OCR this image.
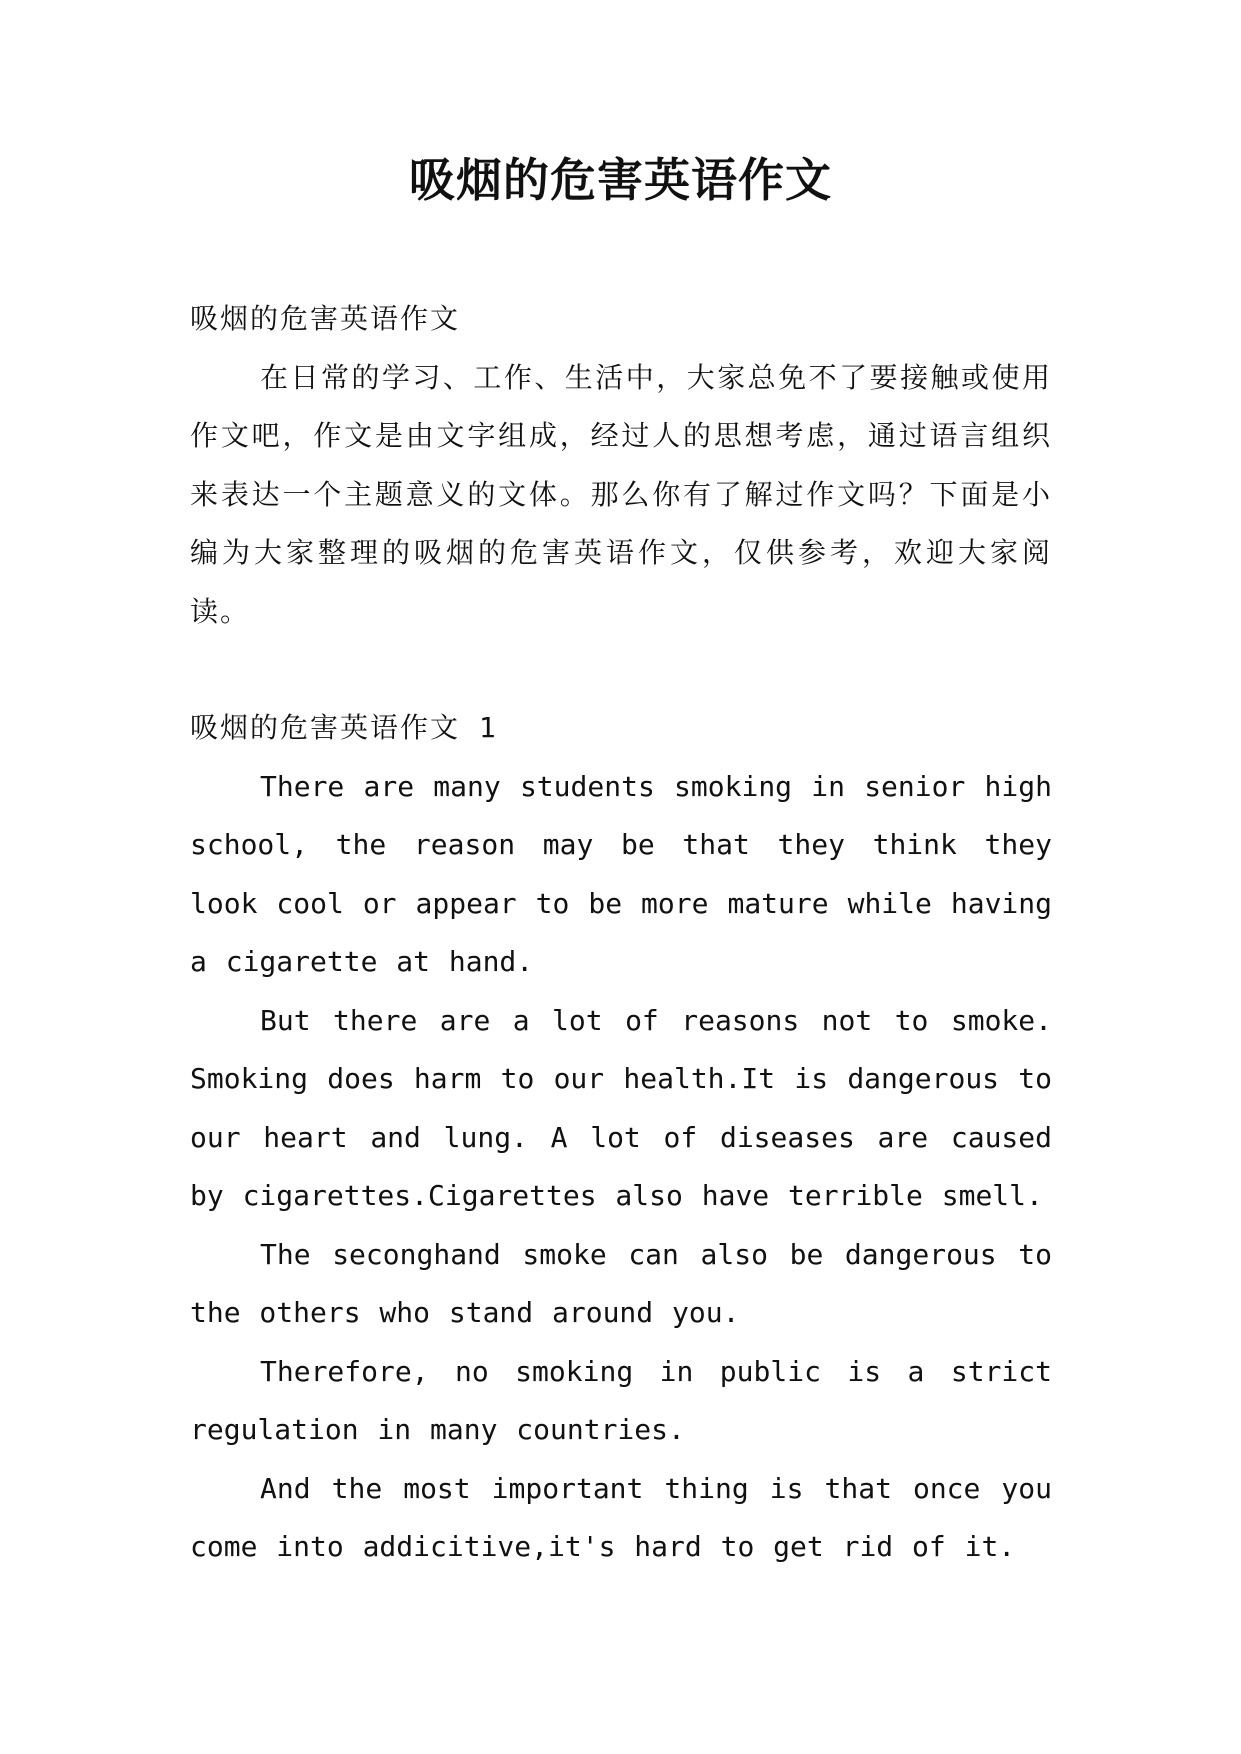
吸烟的危害英语作文

吸烟的危害英语作文

在日常的学习、工作、生活中，大家总免不了要接触或使用作文吧，作文是由文字组成，经过人的思想考虑，通过语言组织来表达一个主题意义的文体。那么你有了解过作文吗？下面是小编为大家整理的吸烟的危害英语作文，仅供参考，欢迎大家阅读。

吸烟的危害英语作文 1

There are many students smoking in senior high school, the reason may be that they think they look cool or appear to be more mature while having a cigarette at hand.

But there are a lot of reasons not to smoke. Smoking does harm to our health.It is dangerous to our heart and lung. A lot of diseases are caused by cigarettes.Cigarettes also have terrible smell.

The seconghand smoke can also be dangerous to the others who stand around you.

Therefore, no smoking in public is a strict regulation in many countries.

And the most important thing is that once you come into addicitive,it's hard to get rid of it.
